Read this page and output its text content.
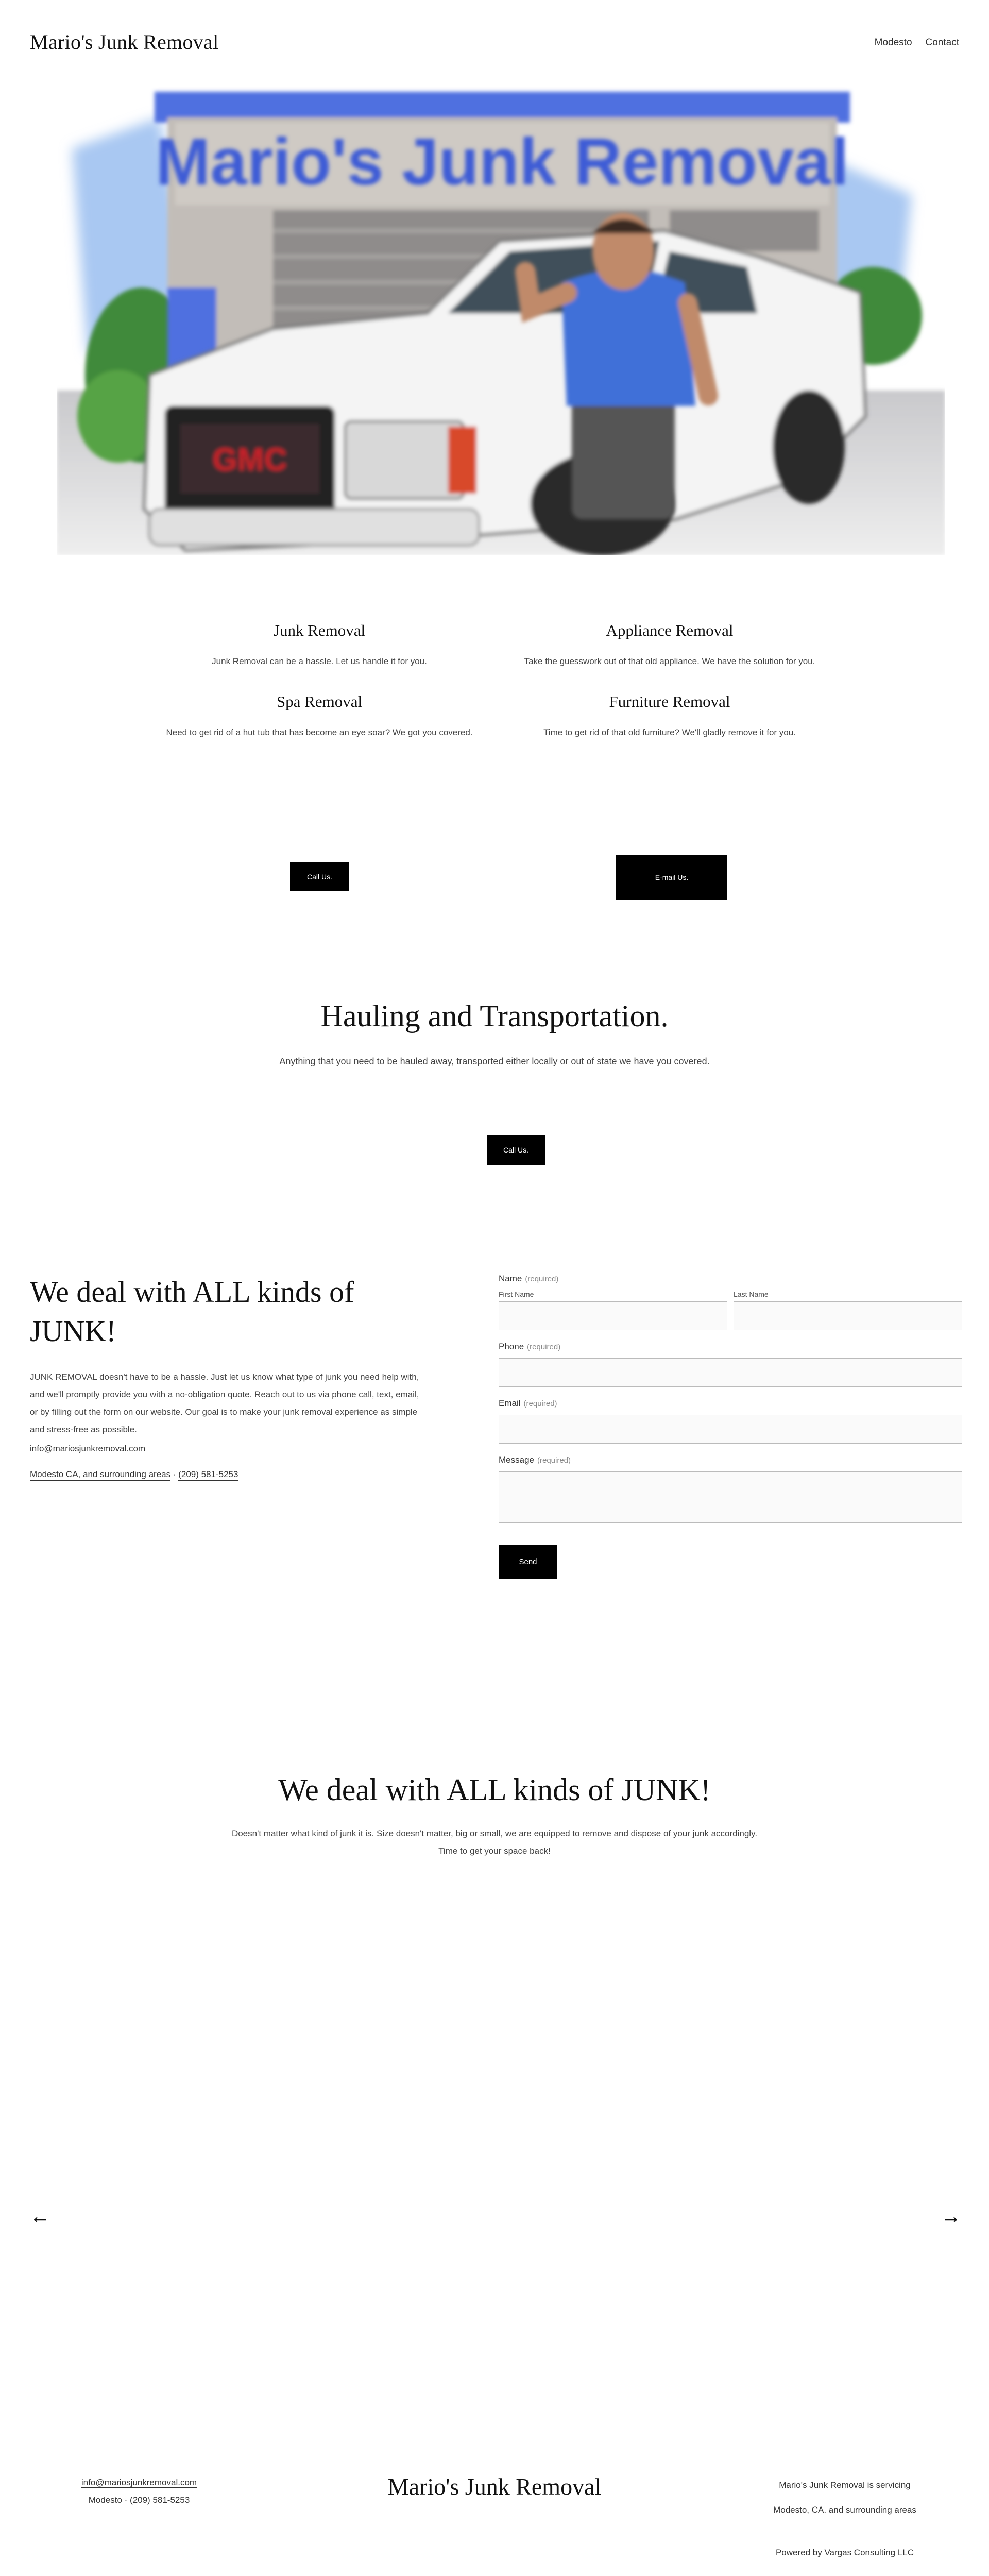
Mario's Junk Removal	Modesto Contact
Mario's Junk Removal
GMC
Junk Removal

Junk Removal can be a hassle. Let us handle it for you.

Appliance Removal

Take the guesswork out of that old appliance. We have the solution for you.

Spa Removal

Need to get rid of a hut tub that has become an eye soar? We got you covered.

Furniture Removal

Time to get rid of that old furniture? We'll gladly remove it for you.

Call Us.	E-mail Us.
Hauling and Transportation.

Anything that you need to be hauled away, transported either locally or out of state we have you covered.

Call Us.
We deal with ALL kinds of JUNK!

JUNK REMOVAL doesn't have to be a hassle. Just let us know what type of junk you need help with, and we'll promptly provide you with a no-obligation quote. Reach out to us via phone call, text, email, or by filling out the form on our website. Our goal is to make your junk removal experience as simple and stress-free as possible.

info@mariosjunkremoval.com
Modesto CA, and surrounding areas · (209) 581-5253
Name (required)
First Name	Last Name
Phone (required)
Email (required)
Message (required)
Send
We deal with ALL kinds of JUNK!

Doesn't matter what kind of junk it is. Size doesn't matter, big or small, we are equipped to remove and dispose of your junk accordingly. Time to get your space back!

←	→
info@mariosjunkremoval.com
Modesto · (209) 581-5253
Mario's Junk Removal	Mario's Junk Removal is servicing
Modesto, CA. and surrounding areas
Powered by Vargas Consulting LLC
